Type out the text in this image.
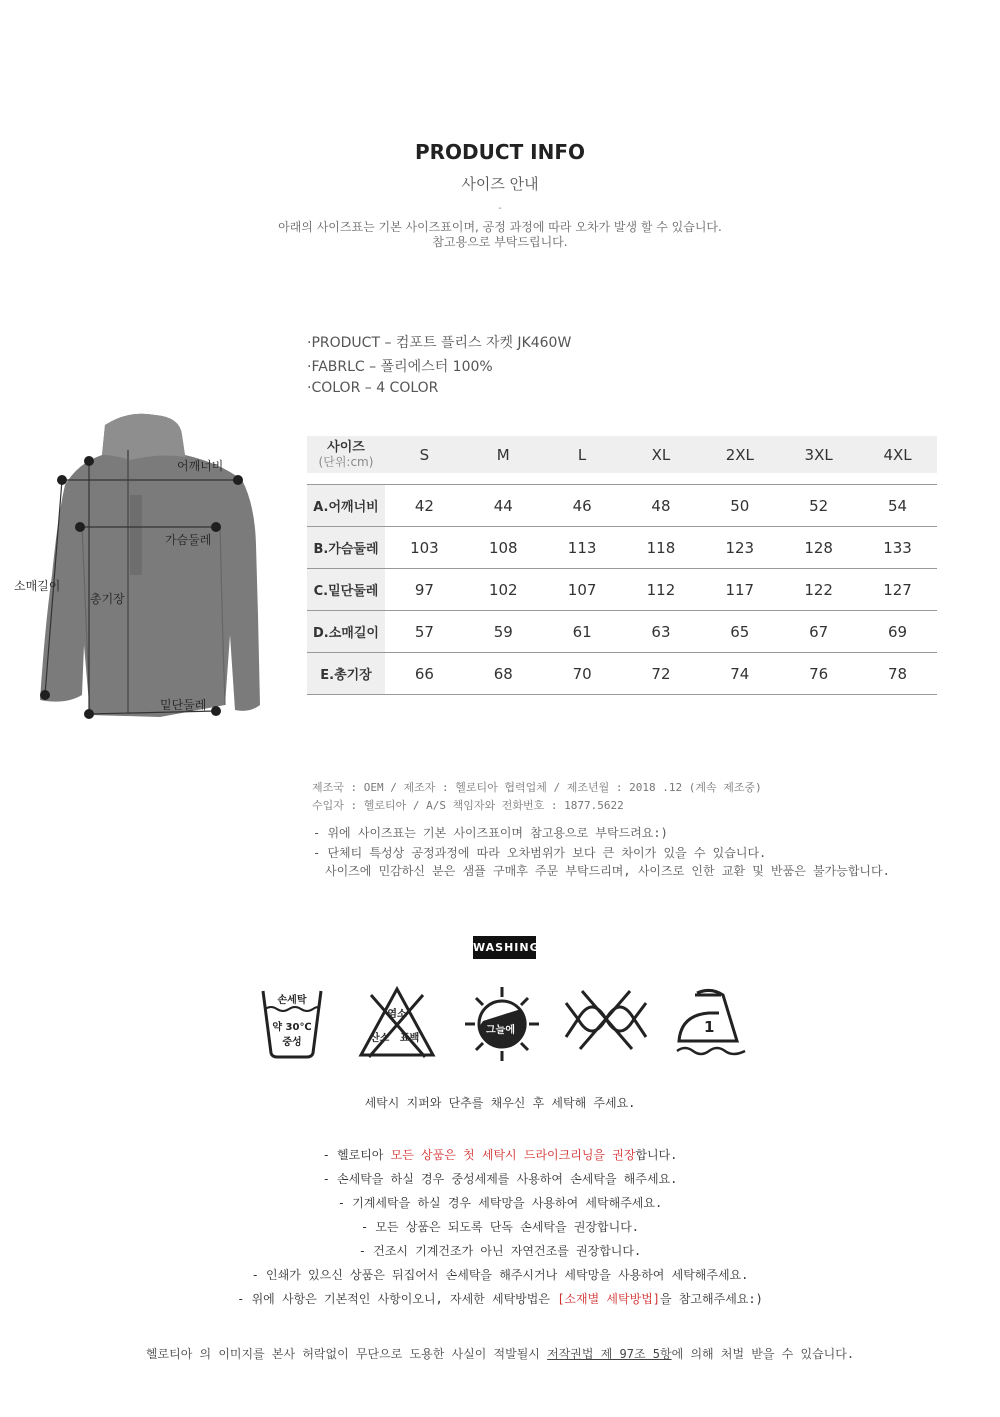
PRODUCT INFO
사이즈 안내
-
아래의 사이즈표는 기본 사이즈표이며, 공정 과정에 따라 오차가 발생 할 수 있습니다.
참고용으로 부탁드립니다.
·PRODUCT – 컴포트 플리스 자켓 JK460W
·FABRLC – 폴리에스터 100%
·COLOR – 4 COLOR
어깨너비
가슴둘레
소매길이
총기장
밑단둘레
사이즈
(단위:cm)	S	M	L	XL	2XL	3XL	4XL

A.어깨너비	42	44	46	48	50	52	54
B.가슴둘레	103	108	113	118	123	128	133
C.밑단둘레	97	102	107	112	117	122	127
D.소매길이	57	59	61	63	65	67	69
E.총기장	66	68	70	72	74	76	78
제조국 : OEM / 제조자 : 헬로티아 협력업체 / 제조년월 : 2018 .12 (계속 제조중)
수입자 : 헬로티아 / A/S 책임자와 전화번호 : 1877.5622
- 위에 사이즈표는 기본 사이즈표이며 참고용으로 부탁드려요:)
- 단체티 특성상 공정과정에 따라 오차범위가 보다 큰 차이가 있을 수 있습니다.
사이즈에 민감하신 분은 샘플 구매후 주문 부탁드리며, 사이즈로 인한 교환 및 반품은 불가능합니다.
WASHING
손세탁
약 30℃
중성
염소
산소 표백
그늘에	1
세탁시 지퍼와 단추를 채우신 후 세탁해 주세요.
- 헬로티아 모든 상품은 첫 세탁시 드라이크리닝을 권장합니다.
- 손세탁을 하실 경우 중성세제를 사용하여 손세탁을 해주세요.
- 기계세탁을 하실 경우 세탁망을 사용하여 세탁해주세요.
- 모든 상품은 되도록 단독 손세탁을 권장합니다.
- 건조시 기계건조가 아닌 자연건조를 권장합니다.
- 인쇄가 있으신 상품은 뒤집어서 손세탁을 해주시거나 세탁망을 사용하여 세탁해주세요.
- 위에 사항은 기본적인 사항이오니, 자세한 세탁방법은 [소재별 세탁방법]을 참고해주세요:)
헬로티아 의 이미지를 본사 허락없이 무단으로 도용한 사실이 적발될시 저작권법 제 97조 5항에 의해 처벌 받을 수 있습니다.
